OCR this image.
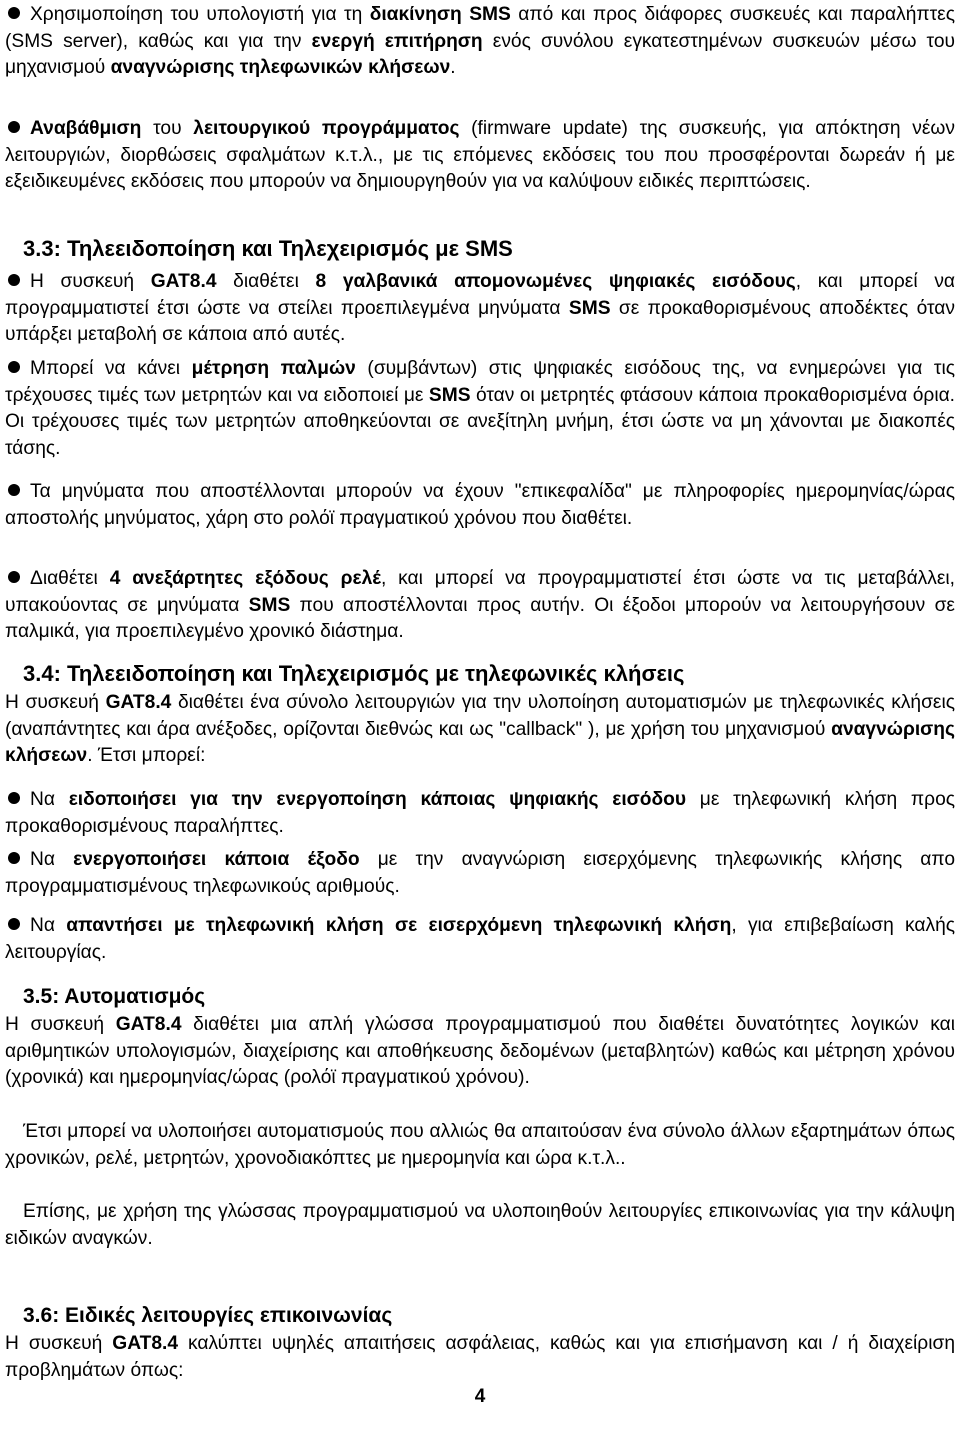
Χρησιμοποίηση του υπολογιστή για τη διακίνηση SMS από και προς διάφορες συσκευές και παραλήπτες (SMS server), καθώς και για την ενεργή επιτήρηση ενός συνόλου εγκατεστημένων συσκευών μέσω του μηχανισμού αναγνώρισης τηλεφωνικών κλήσεων.

Αναβάθμιση του λειτουργικού προγράμματος (firmware update) της συσκευής, για απόκτηση νέων λειτουργιών, διορθώσεις σφαλμάτων κ.τ.λ., με τις επόμενες εκδόσεις του που προσφέρονται δωρεάν ή με εξειδικευμένες εκδόσεις που μπορούν να δημιουργηθούν για να καλύψουν ειδικές περιπτώσεις.

3.3: Τηλεειδοποίηση και Τηλεχειρισμός με SMS

Η συσκευή GAT8.4 διαθέτει 8 γαλβανικά απομονωμένες ψηφιακές εισόδους, και μπορεί να προγραμματιστεί έτσι ώστε να στείλει προεπιλεγμένα μηνύματα SMS σε προκαθορισμένους αποδέκτες όταν υπάρξει μεταβολή σε κάποια από αυτές.

Μπορεί να κάνει μέτρηση παλμών (συμβάντων) στις ψηφιακές εισόδους της, να ενημερώνει για τις τρέχουσες τιμές των μετρητών και να ειδοποιεί με SMS όταν οι μετρητές φτάσουν κάποια προκαθορισμένα όρια. Οι τρέχουσες τιμές των μετρητών αποθηκεύονται σε ανεξίτηλη μνήμη, έτσι ώστε να μη χάνονται με διακοπές τάσης.

Τα μηνύματα που αποστέλλονται μπορούν να έχουν "επικεφαλίδα" με πληροφορίες ημερομηνίας/ώρας αποστολής μηνύματος, χάρη στο ρολόϊ πραγματικού χρόνου που διαθέτει.

Διαθέτει 4 ανεξάρτητες εξόδους ρελέ, και μπορεί να προγραμματιστεί έτσι ώστε να τις μεταβάλλει, υπακούοντας σε μηνύματα SMS που αποστέλλονται προς αυτήν. Οι έξοδοι μπορούν να λειτουργήσουν σε παλμικά, για προεπιλεγμένο χρονικό διάστημα.

3.4: Τηλεειδοποίηση και Τηλεχειρισμός με τηλεφωνικές κλήσεις

Η συσκευή GAT8.4 διαθέτει ένα σύνολο λειτουργιών για την υλοποίηση αυτοματισμών με τηλεφωνικές κλήσεις (αναπάντητες και άρα ανέξοδες, ορίζονται διεθνώς και ως "callback" ), με χρήση του μηχανισμού αναγνώρισης κλήσεων. Έτσι μπορεί:

Να ειδοποιήσει για την ενεργοποίηση κάποιας ψηφιακής εισόδου με τηλεφωνική κλήση προς προκαθορισμένους παραλήπτες.

Να ενεργοποιήσει κάποια έξοδο με την αναγνώριση εισερχόμενης τηλεφωνικής κλήσης απο προγραμματισμένους τηλεφωνικούς αριθμούς.

Να απαντήσει με τηλεφωνική κλήση σε εισερχόμενη τηλεφωνική κλήση, για επιβεβαίωση καλής λειτουργίας.

3.5: Αυτοματισμός

Η συσκευή GAT8.4 διαθέτει μια απλή γλώσσα προγραμματισμού που διαθέτει δυνατότητες λογικών και αριθμητικών υπολογισμών, διαχείρισης και αποθήκευσης δεδομένων (μεταβλητών) καθώς και μέτρηση χρόνου (χρονικά) και ημερομηνίας/ώρας (ρολόϊ πραγματικού χρόνου).

Έτσι μπορεί να υλοποιήσει αυτοματισμούς που αλλιώς θα απαιτούσαν ένα σύνολο άλλων εξαρτημάτων όπως χρονικών, ρελέ, μετρητών, χρονοδιακόπτες με ημερομηνία και ώρα κ.τ.λ..

Επίσης, με χρήση της γλώσσας προγραμματισμού να υλοποιηθούν λειτουργίες επικοινωνίας για την κάλυψη ειδικών αναγκών.

3.6: Ειδικές λειτουργίες επικοινωνίας

Η συσκευή GAT8.4 καλύπτει υψηλές απαιτήσεις ασφάλειας, καθώς και για επισήμανση και / ή διαχείριση προβλημάτων όπως:

4
